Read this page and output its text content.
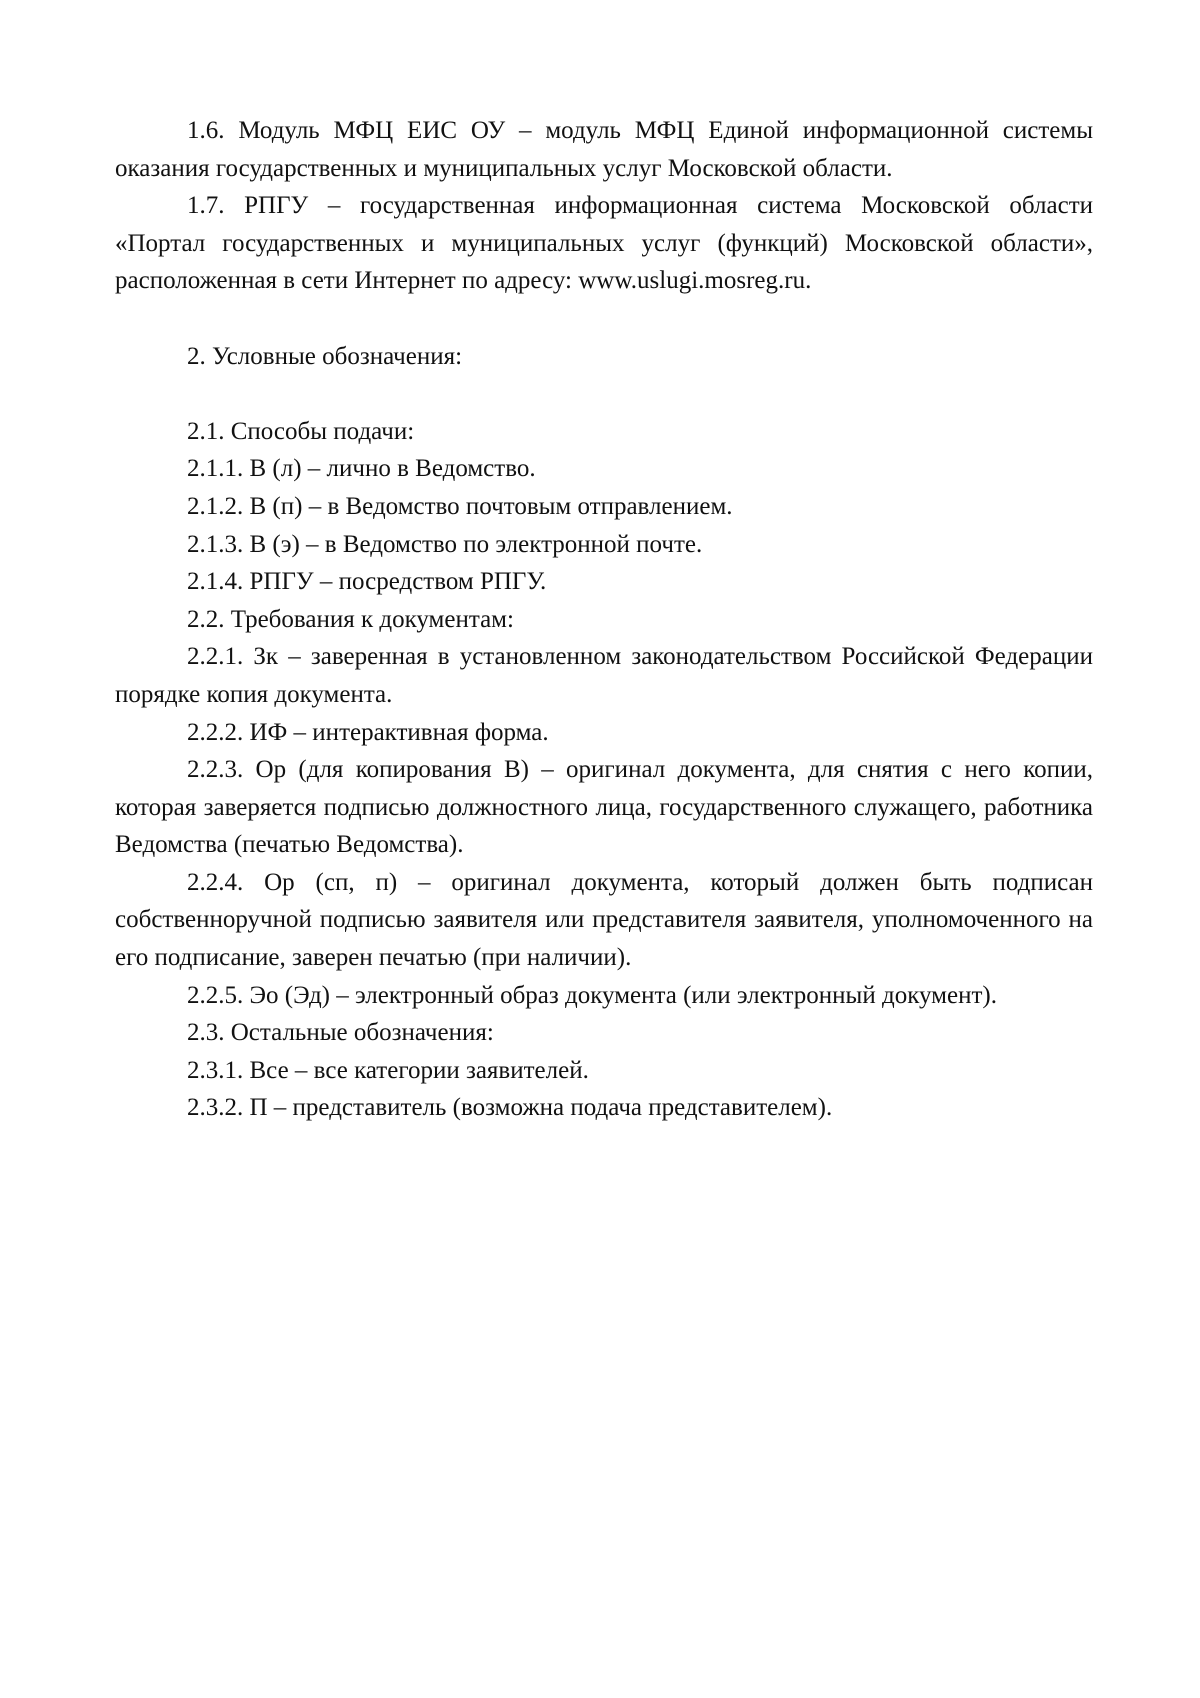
1.6. Модуль МФЦ ЕИС ОУ – модуль МФЦ Единой информационной системы оказания государственных и муниципальных услуг Московской области.

1.7. РПГУ – государственная информационная система Московской области «Портал государственных и муниципальных услуг (функций) Московской области», расположенная в сети Интернет по адресу: www.uslugi.mosreg.ru.

2. Условные обозначения:

2.1. Способы подачи:

2.1.1. В (л) – лично в Ведомство.

2.1.2. В (п) – в Ведомство почтовым отправлением.

2.1.3. В (э) – в Ведомство по электронной почте.

2.1.4. РПГУ – посредством РПГУ.

2.2. Требования к документам:

2.2.1. Зк – заверенная в установленном законодательством Российской Федерации порядке копия документа.

2.2.2. ИФ – интерактивная форма.

2.2.3. Ор (для копирования В) – оригинал документа, для снятия с него копии, которая заверяется подписью должностного лица, государственного служащего, работника Ведомства (печатью Ведомства).

2.2.4. Ор (сп, п) – оригинал документа, который должен быть подписан собственноручной подписью заявителя или представителя заявителя, уполномоченного на его подписание, заверен печатью (при наличии).

2.2.5. Эо (Эд) – электронный образ документа (или электронный документ).

2.3. Остальные обозначения:

2.3.1. Все – все категории заявителей.

2.3.2. П – представитель (возможна подача представителем).
